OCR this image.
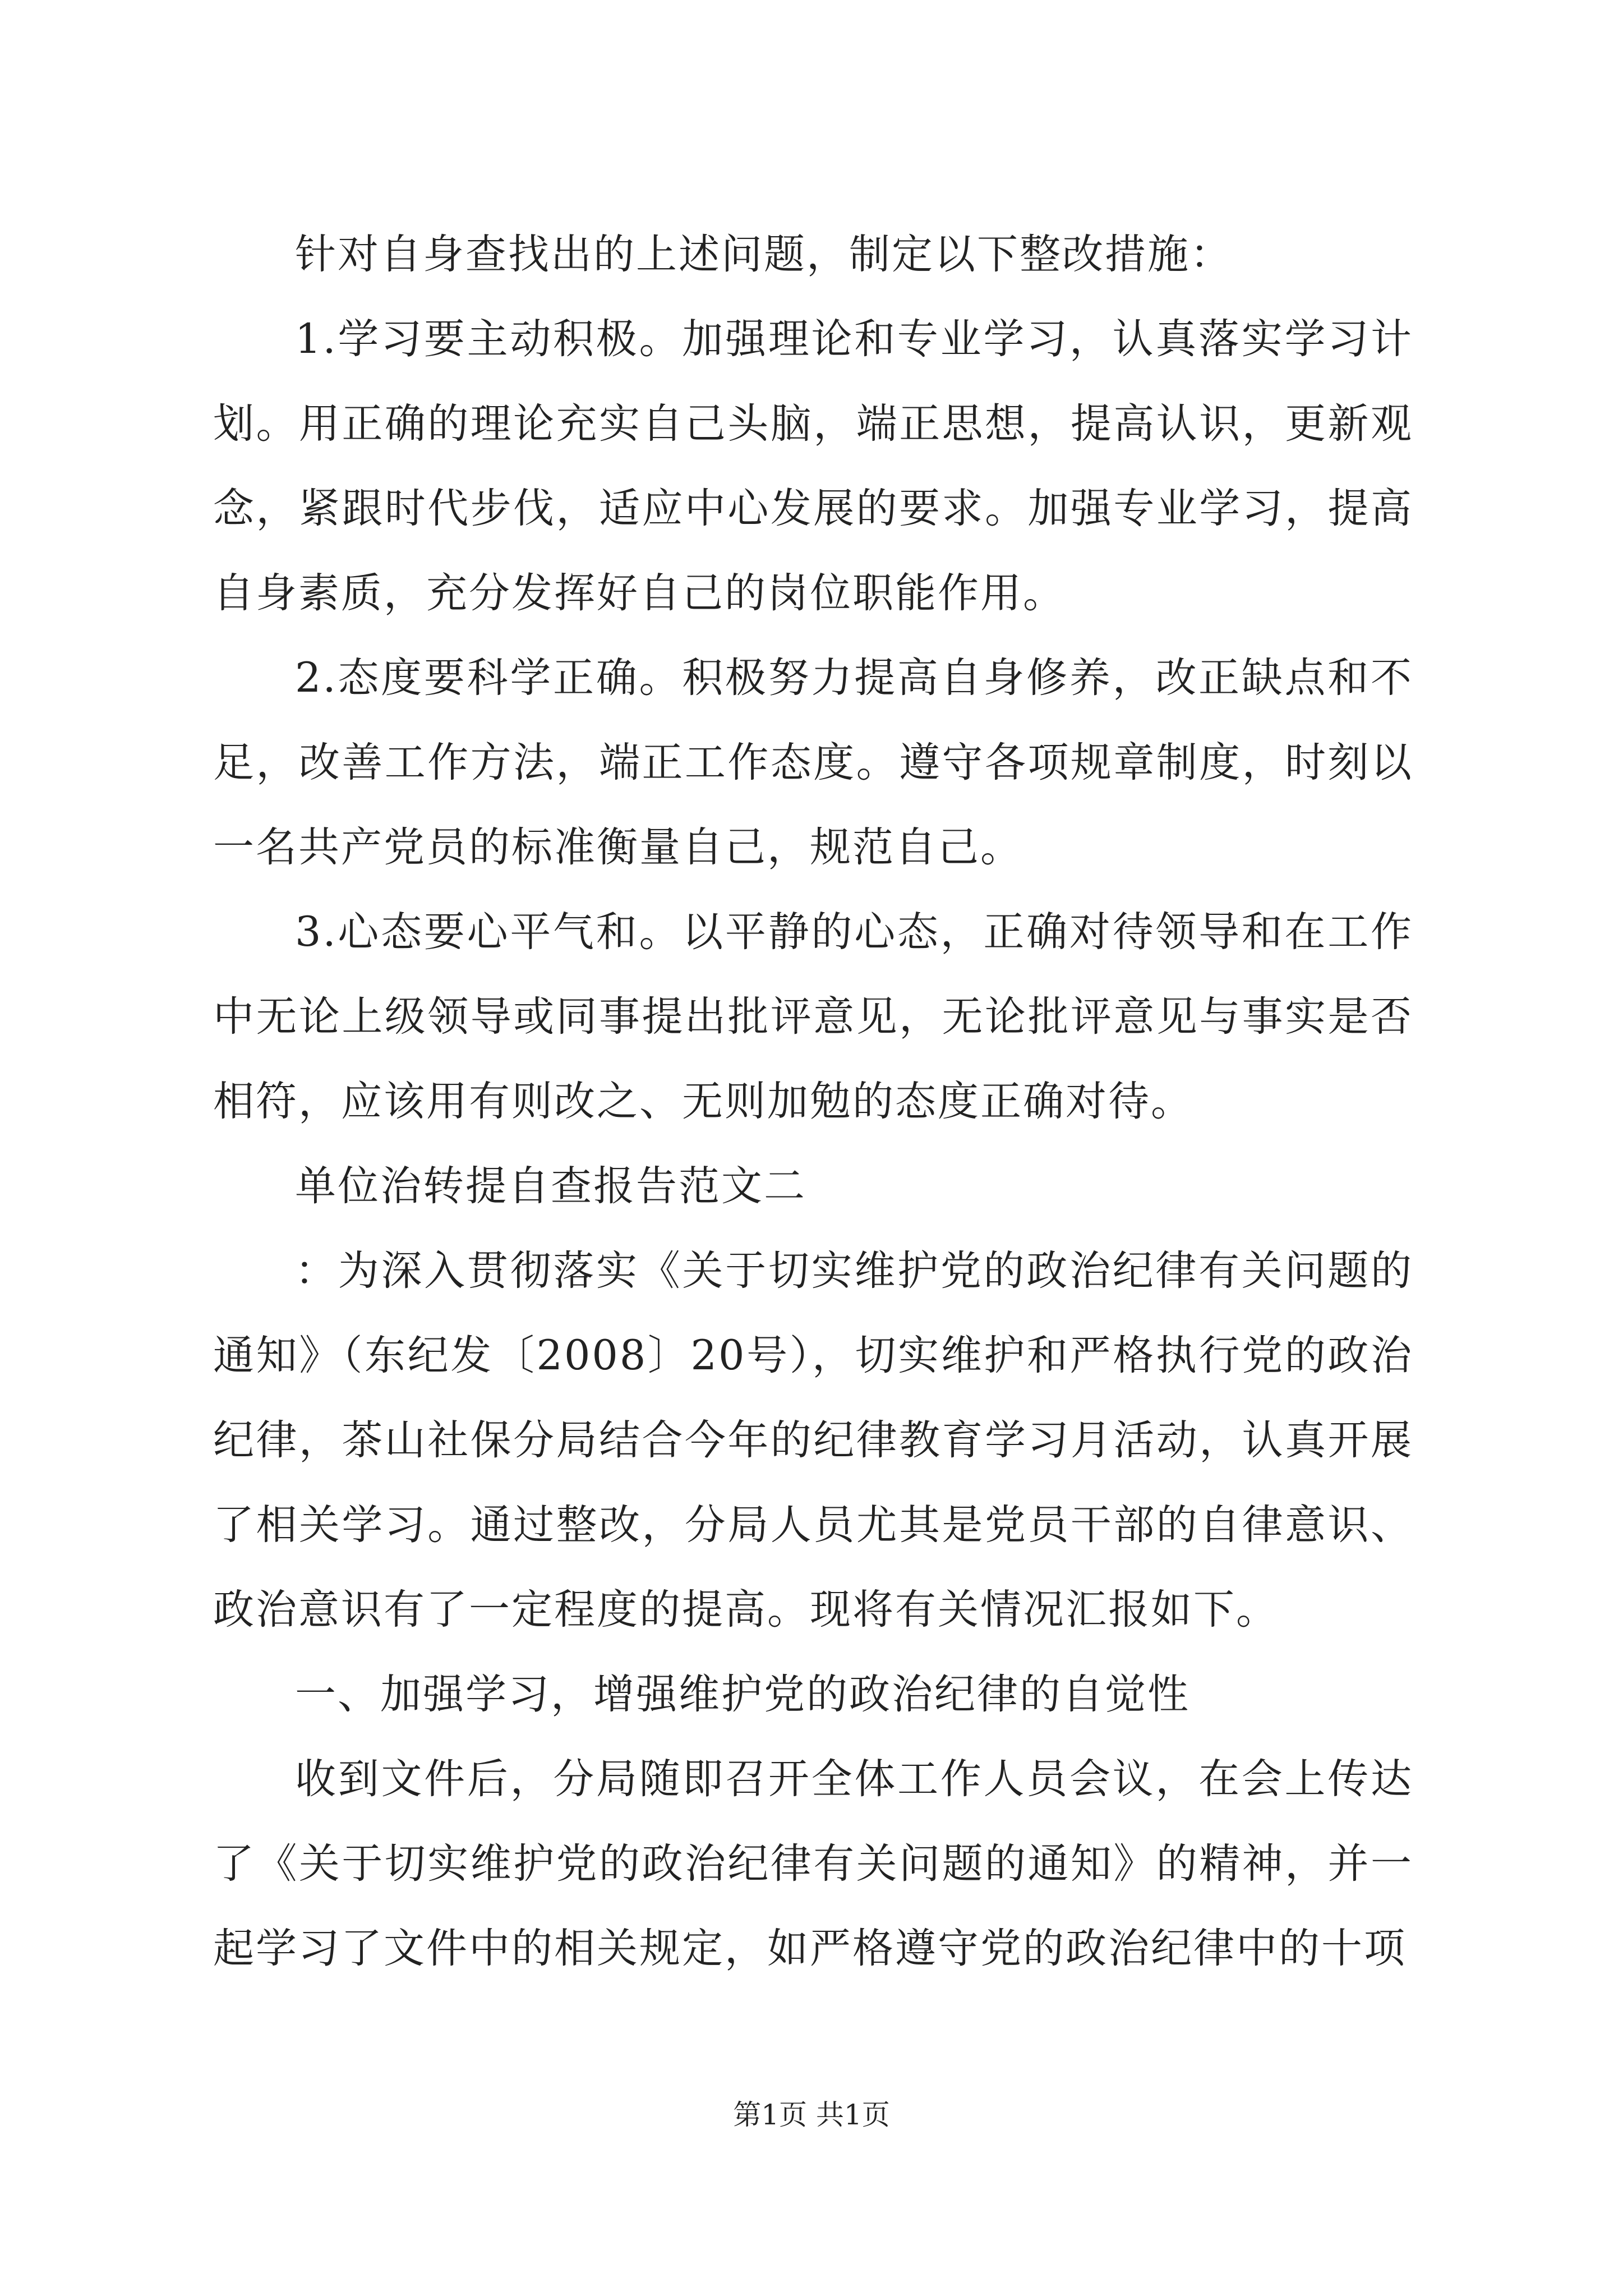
针对自身查找出的上述问题，制定以下整改措施：

1.学习要主动积极。加强理论和专业学习，认真落实学习计划。用正确的理论充实自己头脑，端正思想，提高认识，更新观念，紧跟时代步伐，适应中心发展的要求。加强专业学习，提高自身素质，充分发挥好自己的岗位职能作用。

2.态度要科学正确。积极努力提高自身修养，改正缺点和不足，改善工作方法，端正工作态度。遵守各项规章制度，时刻以一名共产党员的标准衡量自己，规范自己。

3.心态要心平气和。以平静的心态，正确对待领导和在工作中无论上级领导或同事提出批评意见，无论批评意见与事实是否相符，应该用有则改之、无则加勉的态度正确对待。

单位治转提自查报告范文二

：为深入贯彻落实《关于切实维护党的政治纪律有关问题的通知》（东纪发〔2008〕20号），切实维护和严格执行党的政治纪律，茶山社保分局结合今年的纪律教育学习月活动，认真开展了相关学习。通过整改，分局人员尤其是党员干部的自律意识、政治意识有了一定程度的提高。现将有关情况汇报如下。

一、加强学习，增强维护党的政治纪律的自觉性

收到文件后，分局随即召开全体工作人员会议，在会上传达了《关于切实维护党的政治纪律有关问题的通知》的精神，并一起学习了文件中的相关规定，如严格遵守党的政治纪律中的十项

第1页 共1页
